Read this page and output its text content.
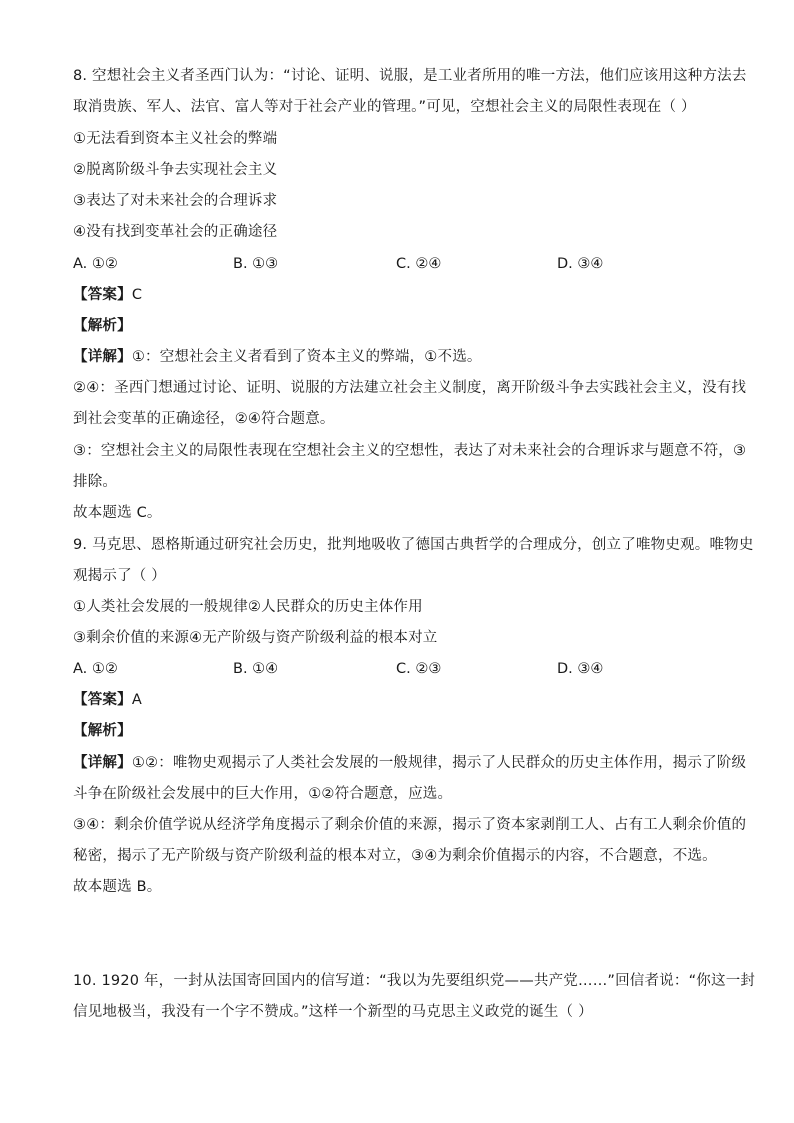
8. 空想社会主义者圣西门认为：“讨论、证明、说服，是工业者所用的唯一方法，他们应该用这种方法去
取消贵族、军人、法官、富人等对于社会产业的管理。”可见，空想社会主义的局限性表现在（ ）
①无法看到资本主义社会的弊端
②脱离阶级斗争去实现社会主义
③表达了对未来社会的合理诉求
④没有找到变革社会的正确途径
A. ①②	B. ①③	C. ②④	D. ③④
【答案】C
【解析】
【详解】①：空想社会主义者看到了资本主义的弊端，①不选。
②④：圣西门想通过讨论、证明、说服的方法建立社会主义制度，离开阶级斗争去实践社会主义，没有找
到社会变革的正确途径，②④符合题意。
③：空想社会主义的局限性表现在空想社会主义的空想性，表达了对未来社会的合理诉求与题意不符，③
排除。
故本题选 C。
9. 马克思、恩格斯通过研究社会历史，批判地吸收了德国古典哲学的合理成分，创立了唯物史观。唯物史
观揭示了（ ）
①人类社会发展的一般规律②人民群众的历史主体作用
③剩余价值的来源④无产阶级与资产阶级利益的根本对立
A. ①②	B. ①④	C. ②③	D. ③④
【答案】A
【解析】
【详解】①②：唯物史观揭示了人类社会发展的一般规律，揭示了人民群众的历史主体作用，揭示了阶级
斗争在阶级社会发展中的巨大作用，①②符合题意，应选。
③④：剩余价值学说从经济学角度揭示了剩余价值的来源，揭示了资本家剥削工人、占有工人剩余价值的
秘密，揭示了无产阶级与资产阶级利益的根本对立，③④为剩余价值揭示的内容，不合题意，不选。
故本题选 B。
10. 1920 年，一封从法国寄回国内的信写道：“我以为先要组织党——共产党……”回信者说：“你这一封
信见地极当，我没有一个字不赞成。”这样一个新型的马克思主义政党的诞生（ ）
